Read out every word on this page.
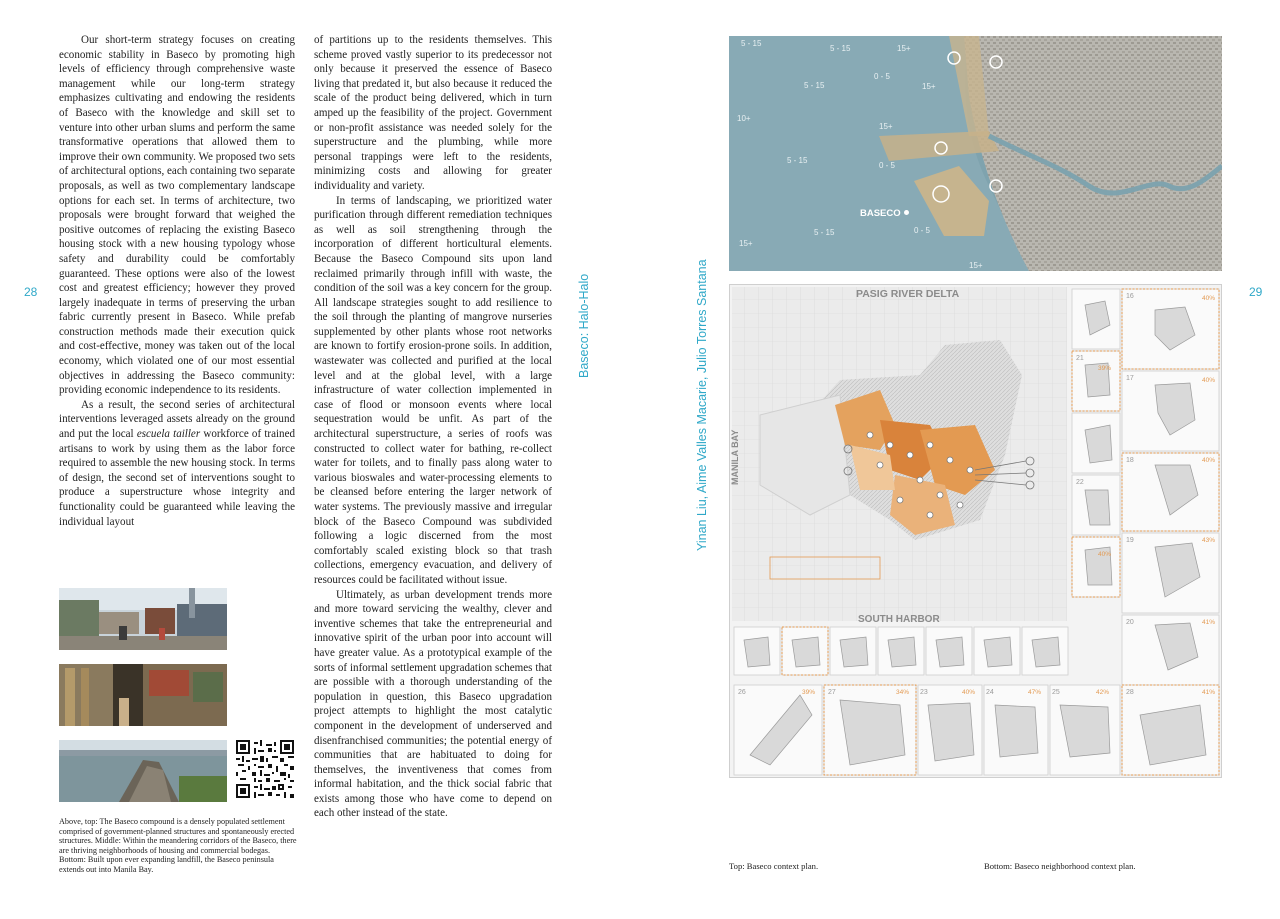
Our short-term strategy focuses on creating economic stability in Baseco by promoting high levels of efficiency through comprehensive waste management while our long-term strategy emphasizes cultivating and endowing the residents of Baseco with the knowledge and skill set to venture into other urban slums and perform the same transformative operations that allowed them to improve their own community. We proposed two sets of architectural options, each containing two separate proposals, as well as two complementary landscape options for each set. In terms of architecture, two proposals were brought forward that weighed the positive outcomes of replacing the existing Baseco housing stock with a new housing typology whose safety and durability could be comfortably guaranteed. These options were also of the lowest cost and greatest efficiency; however they proved largely inadequate in terms of preserving the urban fabric currently present in Baseco. While prefab construction methods made their execution quick and cost-effective, money was taken out of the local economy, which violated one of our most essential objectives in addressing the Baseco community: providing economic independence to its residents.

As a result, the second series of architectural interventions leveraged assets already on the ground and put the local escuela tailler workforce of trained artisans to work by using them as the labor force required to assemble the new housing stock. In terms of design, the second set of interventions sought to produce a superstructure whose integrity and functionality could be guaranteed while leaving the individual layout

of partitions up to the residents themselves. This scheme proved vastly superior to its predecessor not only because it preserved the essence of Baseco living that predated it, but also because it reduced the scale of the product being delivered, which in turn amped up the feasibility of the project. Government or non-profit assistance was needed solely for the superstructure and the plumbing, while more personal trappings were left to the residents, minimizing costs and allowing for greater individuality and variety.

In terms of landscaping, we prioritized water purification through different remediation techniques as well as soil strengthening through the incorporation of different horticultural elements. Because the Baseco Compound sits upon land reclaimed primarily through infill with waste, the condition of the soil was a key concern for the group. All landscape strategies sought to add resilience to the soil through the planting of mangrove nurseries supplemented by other plants whose root networks are known to fortify erosion-prone soils. In addition, wastewater was collected and purified at the local level and at the global level, with a large infrastructure of water collection implemented in case of flood or monsoon events where local sequestration would be unfit. As part of the architectural superstructure, a series of roofs was constructed to collect water for bathing, re-collect water for toilets, and to finally pass along water to various bioswales and water-processing elements to be cleansed before entering the larger network of water systems. The previously massive and irregular block of the Baseco Compound was subdivided following a logic discerned from the most comfortably scaled existing block so that trash collections, emergency evacuation, and delivery of resources could be facilitated without issue.

Ultimately, as urban development trends more and more toward servicing the wealthy, clever and inventive schemes that take the entrepreneurial and innovative spirit of the urban poor into account will have greater value. As a prototypical example of the sorts of informal settlement upgradation schemes that are possible with a thorough understanding of the population in question, this Baseco upgradation project attempts to highlight the most catalytic component in the development of underserved and disenfranchised communities; the potential energy of communities that are habituated to doing for themselves, the inventiveness that comes from informal habitation, and the thick social fabric that exists among those who have come to depend on each other instead of the state.

28
Above, top: The Baseco compound is a densely populated settlement comprised of government-planned structures and spontaneously erected structures. Middle: Within the meandering corridors of the Baseco, there are thriving neighborhoods of housing and commercial bodegas. Bottom: Built upon ever expanding landfill, the Baseco peninsula extends out into Manila Bay.
Baseco: Halo-Halo	Yinan Liu, Aime Valles Macarie, Julio Torres Santana	29
5 - 15
5 - 15	15+
0 - 5
5 - 15	15+
5 - 15
10+
15+
0 - 5
15+
5 - 15	0 - 5
15+
BASECO
PASIG RIVER DELTA
MANILA BAY
SOUTH HARBOR
16
17
18
19
20
21
22
23	24	25
26	27	28
40%
40%
40%
43%
41%
39%	34%	40%	47%	42%	41%
39%
40%
Top: Baseco context plan.	Bottom: Baseco neighborhood context plan.
